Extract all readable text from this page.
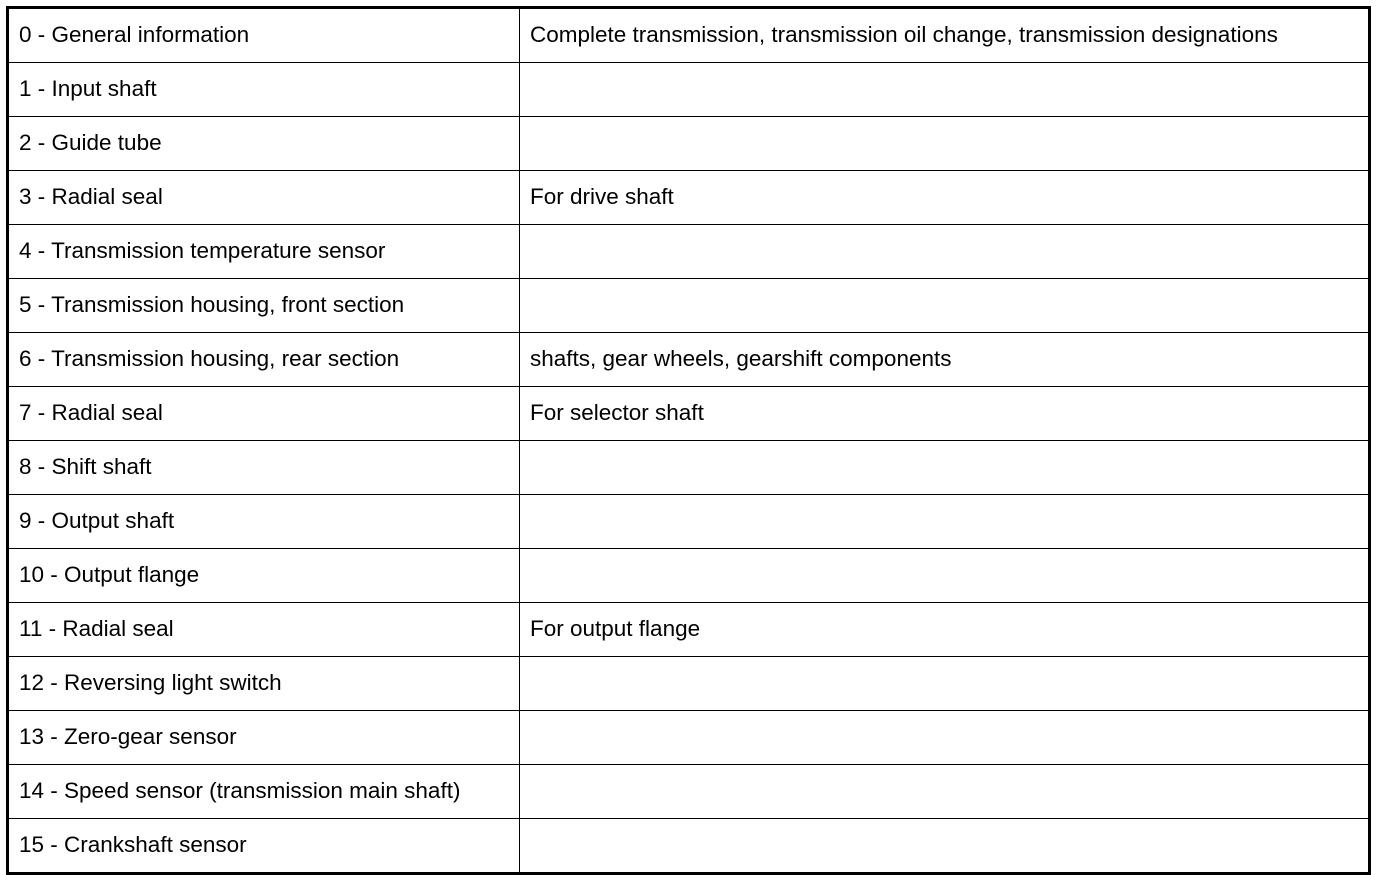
0 - General information	Complete transmission, transmission oil change, transmission designations
1 - Input shaft	
2 - Guide tube	
3 - Radial seal	For drive shaft
4 - Transmission temperature sensor	
5 - Transmission housing, front section	
6 - Transmission housing, rear section	shafts, gear wheels, gearshift components
7 - Radial seal	For selector shaft
8 - Shift shaft	
9 - Output shaft	
10 - Output flange	
11 - Radial seal	For output flange
12 - Reversing light switch	
13 - Zero-gear sensor	
14 - Speed sensor (transmission main shaft)	
15 - Crankshaft sensor	
